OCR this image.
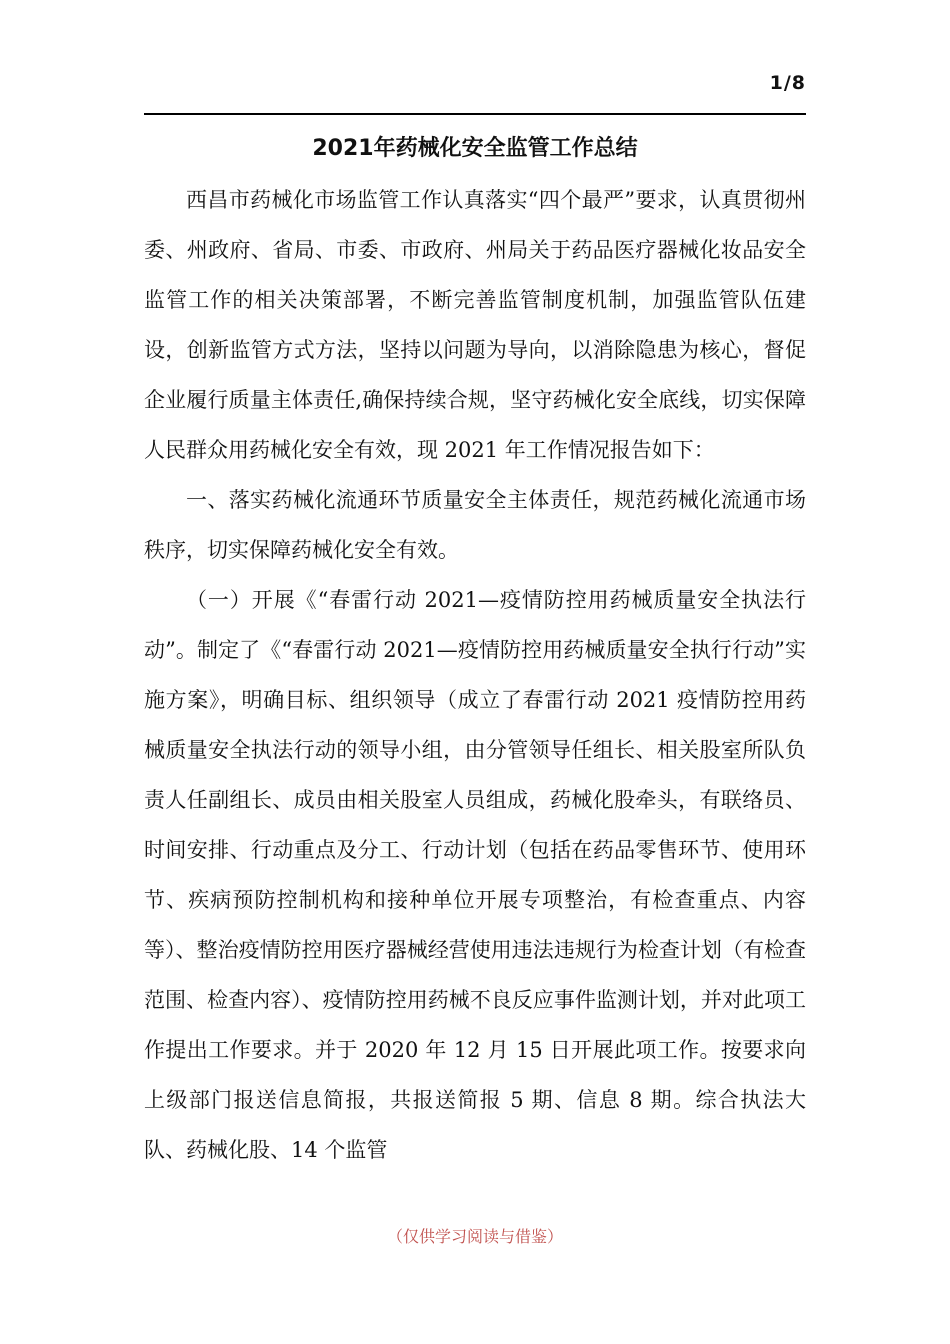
1/8
2021年药械化安全监管工作总结

西昌市药械化市场监管工作认真落实“四个最严”要求，认真贯彻州委、州政府、省局、市委、市政府、州局关于药品医疗器械化妆品安全监管工作的相关决策部署，不断完善监管制度机制，加强监管队伍建设，创新监管方式方法，坚持以问题为导向，以消除隐患为核心，督促企业履行质量主体责任,确保持续合规，坚守药械化安全底线，切实保障人民群众用药械化安全有效，现 2021 年工作情况报告如下：

一、落实药械化流通环节质量安全主体责任，规范药械化流通市场秩序，切实保障药械化安全有效。

（一）开展《“春雷行动 2021—疫情防控用药械质量安全执法行动”。制定了《“春雷行动 2021—疫情防控用药械质量安全执行行动”实施方案》，明确目标、组织领导（成立了春雷行动 2021 疫情防控用药械质量安全执法行动的领导小组，由分管领导任组长、相关股室所队负责人任副组长、成员由相关股室人员组成，药械化股牵头，有联络员、时间安排、行动重点及分工、行动计划（包括在药品零售环节、使用环节、疾病预防控制机构和接种单位开展专项整治，有检查重点、内容等）、整治疫情防控用医疗器械经营使用违法违规行为检查计划（有检查范围、检查内容）、疫情防控用药械不良反应事件监测计划，并对此项工作提出工作要求。并于 2020 年 12 月 15 日开展此项工作。按要求向上级部门报送信息简报，共报送简报 5 期、信息 8 期。综合执法大队、药械化股、14 个监管

（仅供学习阅读与借鉴）
